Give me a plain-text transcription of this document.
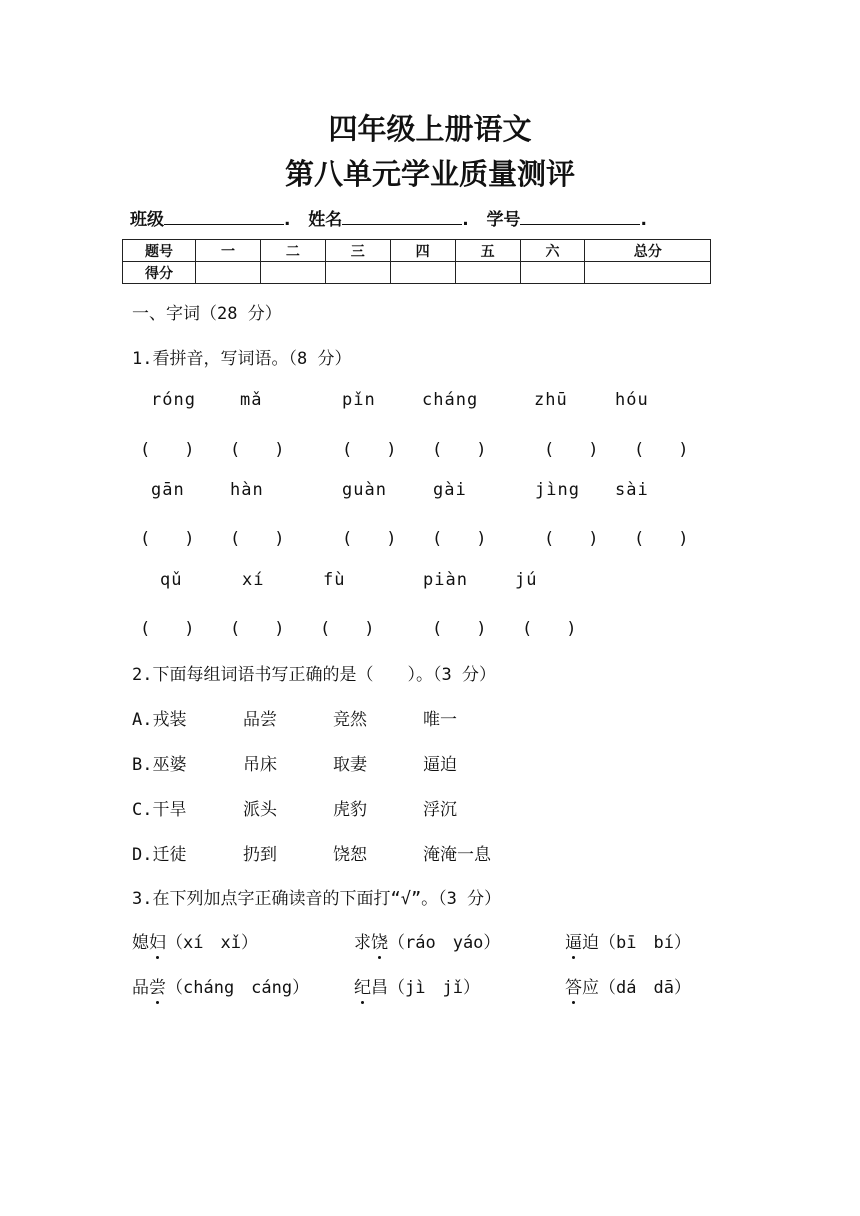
四年级上册语文
第八单元学业质量测评
班级	. 姓名	. 学号	.
题号	一	二	三	四	五	六	总分
得分							
一、字词（28 分）
1.看拼音，写词语。（8 分）
róng	mǎ	pǐn	cháng	zhū	hóu
(　　) (　　)	(　　) (　　)	(　　) (　　)
gān	hàn	guàn	gài	jìng sài
(　　) (　　)	(　　) (　　)	(　　) (　　)
qǔ	xí	fù	piàn	jú
(　　) (　　) (　　)	(　　) (　　)
2.下面每组词语书写正确的是（　　）。（3 分）
A.戎装	品尝	竞然	唯一
B.巫婆	吊床	取妻	逼迫
C.干旱	派头	虎豹	浮沉
D.迁徒	扔到	饶恕	淹淹一息
3.在下列加点字正确读音的下面打“√”。（3 分）
媳妇（xí　xǐ）	求饶（ráo　yáo）	逼迫（bī　bí）
品尝（cháng　cáng）	纪昌（jì　jǐ）	答应（dá　dā）
